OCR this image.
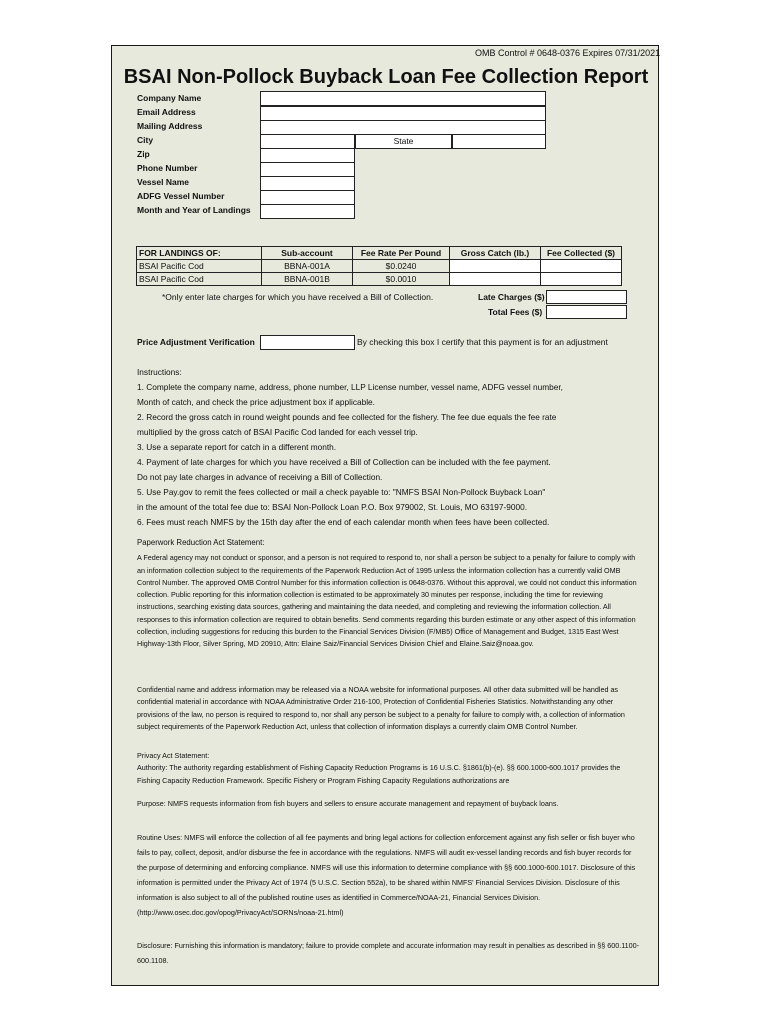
OMB Control # 0648-0376 Expires 07/31/2021
BSAI Non-Pollock Buyback Loan Fee Collection Report
Company Name
Email Address
Mailing Address
City
Zip
Phone Number
Vessel Name
ADFG Vessel Number
Month and Year of Landings
State
FOR LANDINGS OF:	Sub-account	Fee Rate Per Pound	Gross Catch (lb.)	Fee Collected ($)
BSAI Pacific Cod	BBNA-001A	$0.0240		
BSAI Pacific Cod	BBNA-001B	$0.0010		
*Only enter late charges for which you have received a Bill of Collection.	Late Charges ($)
Total Fees ($)
Price Adjustment Verification	By checking this box I certify that this payment is for an adjustment
Instructions:
1. Complete the company name, address, phone number, LLP License number, vessel name, ADFG vessel number,
Month of catch, and check the price adjustment box if applicable.
2. Record the gross catch in round weight pounds and fee collected for the fishery. The fee due equals the fee rate
multiplied by the gross catch of BSAI Pacific Cod landed for each vessel trip.
3. Use a separate report for catch in a different month.
4. Payment of late charges for which you have received a Bill of Collection can be included with the fee payment.
Do not pay late charges in advance of receiving a Bill of Collection.
5. Use Pay.gov to remit the fees collected or mail a check payable to: "NMFS BSAI Non-Pollock Buyback Loan"
in the amount of the total fee due to: BSAI Non-Pollock Loan P.O. Box 979002, St. Louis, MO 63197-9000.
6. Fees must reach NMFS by the 15th day after the end of each calendar month when fees have been collected.

Paperwork Reduction Act Statement:

A Federal agency may not conduct or sponsor, and a person is not required to respond to, nor shall a person be subject to a penalty for failure to comply with an information collection subject to the requirements of the Paperwork Reduction Act of 1995 unless the information collection has a currently valid OMB Control Number. The approved OMB Control Number for this information collection is 0648-0376. Without this approval, we could not conduct this information collection. Public reporting for this information collection is estimated to be approximately 30 minutes per response, including the time for reviewing instructions, searching existing data sources, gathering and maintaining the data needed, and completing and reviewing the information collection. All responses to this information collection are required to obtain benefits. Send comments regarding this burden estimate or any other aspect of this information collection, including suggestions for reducing this burden to the Financial Services Division (F/MB5) Office of Management and Budget, 1315 East West Highway-13th Floor, Silver Spring, MD 20910, Attn: Elaine Saiz/Financial Services Division Chief and Elaine.Saiz@noaa.gov.

Confidential name and address information may be released via a NOAA website for informational purposes. All other data submitted will be handled as confidential material in accordance with NOAA Administrative Order 216-100, Protection of Confidential Fisheries Statistics. Notwithstanding any other provisions of the law, no person is required to respond to, nor shall any person be subject to a penalty for failure to comply with, a collection of information subject requirements of the Paperwork Reduction Act, unless that collection of information displays a currently claim OMB Control Number.

Privacy Act Statement:

Authority: The authority regarding establishment of Fishing Capacity Reduction Programs is 16 U.S.C. §1861(b)-(e). §§ 600.1000-600.1017 provides the Fishing Capacity Reduction Framework. Specific Fishery or Program Fishing Capacity Regulations authorizations are

Purpose: NMFS requests information from fish buyers and sellers to ensure accurate management and repayment of buyback loans.
Routine Uses: NMFS will enforce the collection of all fee payments and bring legal actions for collection enforcement against any fish seller or fish buyer who fails to pay, collect, deposit, and/or disburse the fee in accordance with the regulations. NMFS will audit ex-vessel landing records and fish buyer records for the purpose of determining and enforcing compliance. NMFS will use this information to determine compliance with §§ 600.1000-600.1017. Disclosure of this information is permitted under the Privacy Act of 1974 (5 U.S.C. Section 552a), to be shared within NMFS' Financial Services Division. Disclosure of this information is also subject to all of the published routine uses as identified in Commerce/NOAA-21, Financial Services Division. (http://www.osec.doc.gov/opog/PrivacyAct/SORNs/noaa-21.html)
Disclosure: Furnishing this information is mandatory; failure to provide complete and accurate information may result in penalties as described in §§ 600.1100-600.1108.
